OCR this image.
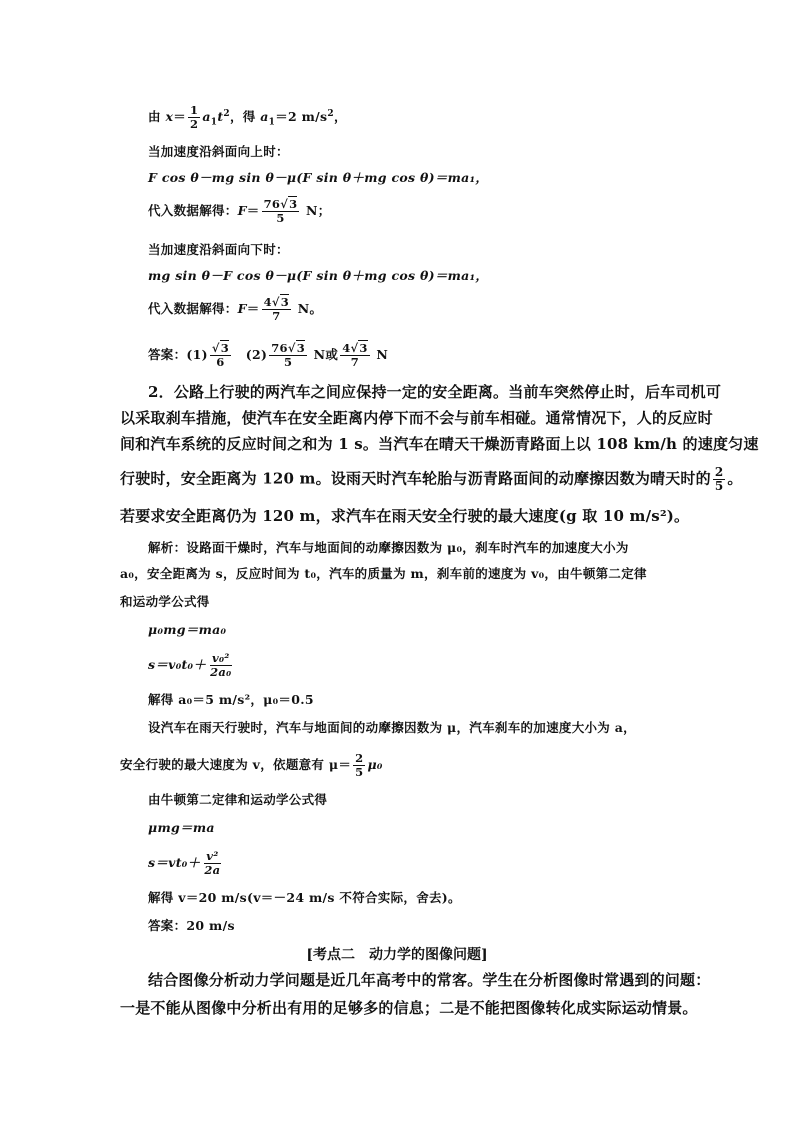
由 $x= \frac{1}{2} a_1t^2$，得 $a_1=2$ $m/s^2$，
当加速度沿斜面向上时：
F cos θ－mg sin θ－μ(F sin θ＋mg cos θ)＝ma₁，
代入数据解得：$F= \frac{76√3}{5}$ N；
当加速度沿斜面向下时：
mg sin θ－F cos θ－μ(F sin θ＋mg cos θ)＝ma₁，
代入数据解得：$F= \frac{4√3}{7}$ N。
答案：$(1) \frac{√3}{6}$ 　$(2) \frac{76√3}{5}$ N或 $\frac{4√3}{7}$ N
2．公路上行驶的两汽车之间应保持一定的安全距离。当前车突然停止时，后车司机可
以采取刹车措施，使汽车在安全距离内停下而不会与前车相碰。通常情况下，人的反应时
间和汽车系统的反应时间之和为 1 s。当汽车在晴天干燥沥青路面上以 108 km/h 的速度匀速
行驶时，安全距离为 120 m。设雨天时汽车轮胎与沥青路面间的动摩擦因数为晴天时的 $\frac{2}{5}$ 。
若要求安全距离仍为 120 m，求汽车在雨天安全行驶的最大速度(g 取 10 m/s²)。
解析：设路面干燥时，汽车与地面间的动摩擦因数为 μ₀，刹车时汽车的加速度大小为
a₀，安全距离为 s，反应时间为 t₀，汽车的质量为 m，刹车前的速度为 v₀，由牛顿第二定律
和运动学公式得
μ₀mg＝ma₀
$s=v_0t_0+ \frac{\text{v₀²}}{\text{2a₀}}$
解得 a₀＝5 m/s²，μ₀＝0.5
设汽车在雨天行驶时，汽车与地面间的动摩擦因数为 μ，汽车刹车的加速度大小为 a，
安全行驶的最大速度为 v，依题意有 $\mu= \frac{2}{5} \mu_0$
由牛顿第二定律和运动学公式得
μmg＝ma
$s=vt_0+ \frac{\text{v²}}{2a}$
解得 v＝20 m/s(v＝－24 m/s 不符合实际，舍去)。
答案：20 m/s
[考点二　动力学的图像问题]
结合图像分析动力学问题是近几年高考中的常客。学生在分析图像时常遇到的问题：
一是不能从图像中分析出有用的足够多的信息；二是不能把图像转化成实际运动情景。
